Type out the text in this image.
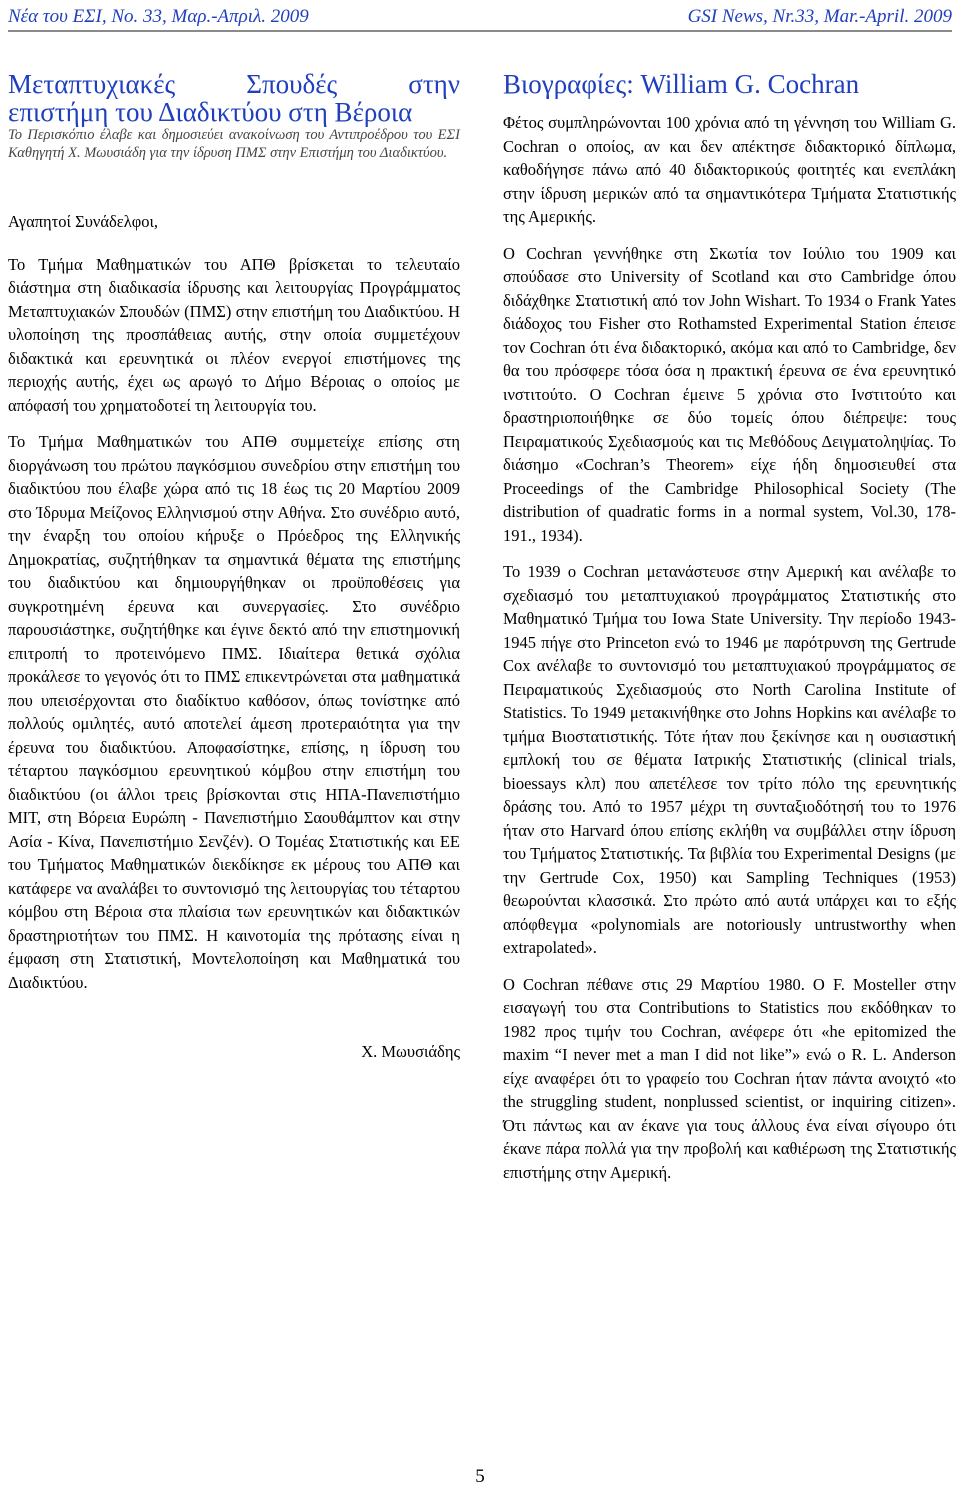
Νέα του ΕΣΙ, Νο. 33, Μαρ.-Απριλ. 2009	GSI News, Nr.33, Mar.-April. 2009
Μεταπτυχιακές Σπουδές στην
επιστήμη του Διαδικτύου στη Βέροια

Το Περισκόπιο έλαβε και δημοσιεύει ανακοίνωση του Αντιπροέδρου του ΕΣΙ Καθηγητή Χ. Μωυσιάδη για την ίδρυση ΠΜΣ στην Επιστήμη του Διαδικτύου.

Αγαπητοί Συνάδελφοι,

Το Τμήμα Μαθηματικών του ΑΠΘ βρίσκεται το τελευταίο διάστημα στη διαδικασία ίδρυσης και λειτουργίας Προγράμματος Μεταπτυχιακών Σπουδών (ΠΜΣ) στην επιστήμη του Διαδικτύου. Η υλοποίηση της προσπάθειας αυτής, στην οποία συμμετέχουν διδακτικά και ερευνητικά οι πλέον ενεργοί επιστήμονες της περιοχής αυτής, έχει ως αρωγό το Δήμο Βέροιας ο οποίος με απόφασή του χρηματοδοτεί τη λειτουργία του.

Το Τμήμα Μαθηματικών του ΑΠΘ συμμετείχε επίσης στη διοργάνωση του πρώτου παγκόσμιου συνεδρίου στην επιστήμη του διαδικτύου που έλαβε χώρα από τις 18 έως τις 20 Μαρτίου 2009 στο Ίδρυμα Μείζονος Ελληνισμού στην Αθήνα. Στο συνέδριο αυτό, την έναρξη του οποίου κήρυξε ο Πρόεδρος της Ελληνικής Δημοκρατίας, συζητήθηκαν τα σημαντικά θέματα της επιστήμης του διαδικτύου και δημιουργήθηκαν οι προϋποθέσεις για συγκροτημένη έρευνα και συνεργασίες. Στο συνέδριο παρουσιάστηκε, συζητήθηκε και έγινε δεκτό από την επιστημονική επιτροπή το προτεινόμενο ΠΜΣ. Ιδιαίτερα θετικά σχόλια προκάλεσε το γεγονός ότι το ΠΜΣ επικεντρώνεται στα μαθηματικά που υπεισέρχονται στο διαδίκτυο καθόσον, όπως τονίστηκε από πολλούς ομιλητές, αυτό αποτελεί άμεση προτεραιότητα για την έρευνα του διαδικτύου. Αποφασίστηκε, επίσης, η ίδρυση του τέταρτου παγκόσμιου ερευνητικού κόμβου στην επιστήμη του διαδικτύου (οι άλλοι τρεις βρίσκονται στις ΗΠΑ-Πανεπιστήμιο ΜΙΤ, στη Βόρεια Ευρώπη - Πανεπιστήμιο Σαουθάμπτον και στην Ασία - Κίνα, Πανεπιστήμιο Σενζέν). Ο Τομέας Στατιστικής και ΕΕ του Τμήματος Μαθηματικών διεκδίκησε εκ μέρους του ΑΠΘ και κατάφερε να αναλάβει το συντονισμό της λειτουργίας του τέταρτου κόμβου στη Βέροια στα πλαίσια των ερευνητικών και διδακτικών δραστηριοτήτων του ΠΜΣ. Η καινοτομία της πρότασης είναι η έμφαση στη Στατιστική, Μοντελοποίηση και Μαθηματικά του Διαδικτύου.

Χ. Μωυσιάδης

Βιογραφίες: William G. Cochran

Φέτος συμπληρώνονται 100 χρόνια από τη γέννηση του William G. Cochran ο οποίος, αν και δεν απέκτησε διδακτορικό δίπλωμα, καθοδήγησε πάνω από 40 διδακτορικούς φοιτητές και ενεπλάκη στην ίδρυση μερικών από τα σημαντικότερα Τμήματα Στατιστικής της Αμερικής.

Ο Cochran γεννήθηκε στη Σκωτία τον Ιούλιο του 1909 και σπούδασε στο University of Scotland και στο Cambridge όπου διδάχθηκε Στατιστική από τον John Wishart. Το 1934 ο Frank Yates διάδοχος του Fisher στο Rothamsted Experimental Station έπεισε τον Cochran ότι ένα διδακτορικό, ακόμα και από το Cambridge, δεν θα του πρόσφερε τόσα όσα η πρακτική έρευνα σε ένα ερευνητικό ινστιτούτο. Ο Cochran έμεινε 5 χρόνια στο Ινστιτούτο και δραστηριοποιήθηκε σε δύο τομείς όπου διέπρεψε: τους Πειραματικούς Σχεδιασμούς και τις Μεθόδους Δειγματοληψίας. Το διάσημο «Cochran’s Theorem» είχε ήδη δημοσιευθεί στα Proceedings of the Cambridge Philosophical Society (The distribution of quadratic forms in a normal system, Vol.30, 178-191., 1934).

Το 1939 ο Cochran μετανάστευσε στην Αμερική και ανέλαβε το σχεδιασμό του μεταπτυχιακού προγράμματος Στατιστικής στο Μαθηματικό Τμήμα του Iowa State University. Την περίοδο 1943-1945 πήγε στο Princeton ενώ το 1946 με παρότρυνση της Gertrude Cox ανέλαβε το συντονισμό του μεταπτυχιακού προγράμματος σε Πειραματικούς Σχεδιασμούς στο North Carolina Institute of Statistics. Το 1949 μετακινήθηκε στο Johns Hopkins και ανέλαβε το τμήμα Βιοστατιστικής. Τότε ήταν που ξεκίνησε και η ουσιαστική εμπλοκή του σε θέματα Ιατρικής Στατιστικής (clinical trials, bioessays κλπ) που απετέλεσε τον τρίτο πόλο της ερευνητικής δράσης του. Από το 1957 μέχρι τη συνταξιοδότησή του το 1976 ήταν στο Harvard όπου επίσης εκλήθη να συμβάλλει στην ίδρυση του Τμήματος Στατιστικής. Τα βιβλία του Experimental Designs (με την Gertrude Cox, 1950) και Sampling Techniques (1953) θεωρούνται κλασσικά. Στο πρώτο από αυτά υπάρχει και το εξής απόφθεγμα «polynomials are notoriously untrustworthy when extrapolated».

Ο Cochran πέθανε στις 29 Μαρτίου 1980. Ο F. Mosteller στην εισαγωγή του στα Contributions to Statistics που εκδόθηκαν το 1982 προς τιμήν του Cochran, ανέφερε ότι «he epitomized the maxim “I never met a man I did not like”» ενώ ο R. L. Anderson είχε αναφέρει ότι το γραφείο του Cochran ήταν πάντα ανοιχτό «to the struggling student, nonplussed scientist, or inquiring citizen». Ότι πάντως και αν έκανε για τους άλλους ένα είναι σίγουρο ότι έκανε πάρα πολλά για την προβολή και καθιέρωση της Στατιστικής επιστήμης στην Αμερική.

5
